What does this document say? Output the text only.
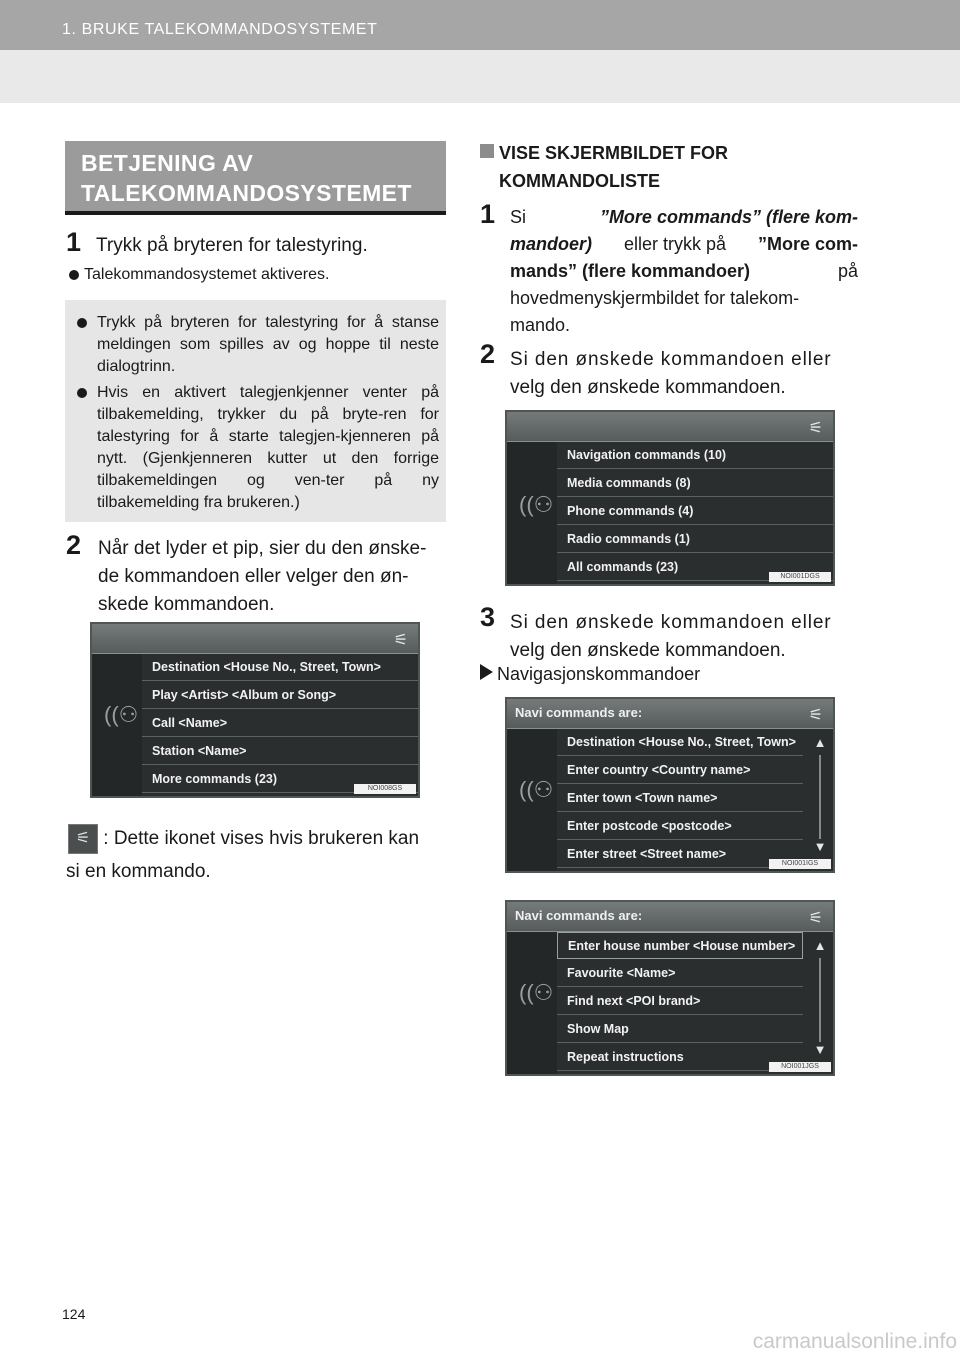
1. BRUKE TALEKOMMANDOSYSTEMET
BETJENING AV
TALEKOMMANDOSYSTEMET
1 Trykk på bryteren for talestyring.
Talekommandosystemet aktiveres.
Trykk på bryteren for talestyring for å stanse meldingen som spilles av og hoppe til neste dialogtrinn.
Hvis en aktivert talegjenkjenner venter på tilbakemelding, trykker du på bryte-ren for talestyring for å starte talegjen-kjenneren på nytt. (Gjenkjenneren kutter ut den forrige tilbakemeldingen og ven-ter på ny tilbakemelding fra brukeren.)
2 Når det lyder et pip, sier du den ønske-
de kommandoen eller velger den øn-
skede kommandoen.
⚟
((⚇
Destination <House No., Street, Town>
Play <Artist> <Album or Song>
Call <Name>
Station <Name>
More commands (23)
NOI008GS
⚟ : Dette ikonet vises hvis brukeren kan
si en kommando.
VISE SKJERMBILDET FOR
KOMMANDOLISTE
1 Si	”More commands” (flere kom-
mandoer) eller trykk på ”More com-
mands” (flere kommandoer)	på
hovedmenyskjermbildet for talekom-
mando.
2 Si den ønskede kommandoen eller
velg den ønskede kommandoen.
⚟
((⚇
Navigation commands (10)
Media commands (8)
Phone commands (4)
Radio commands (1)
All commands (23)
NOI001DGS
3 Si den ønskede kommandoen eller
velg den ønskede kommandoen.
Navigasjonskommandoer
Navi commands are:	⚟
((⚇
Destination <House No., Street, Town>
Enter country <Country name>
Enter town <Town name>
Enter postcode <postcode>
Enter street <Street name>
▲
▼
NOI001IGS
Navi commands are:	⚟
((⚇
Enter house number <House number>
Favourite <Name>
Find next <POI brand>
Show Map
Repeat instructions
▲
▼
NOI001JGS
124
carmanualsonline.info
